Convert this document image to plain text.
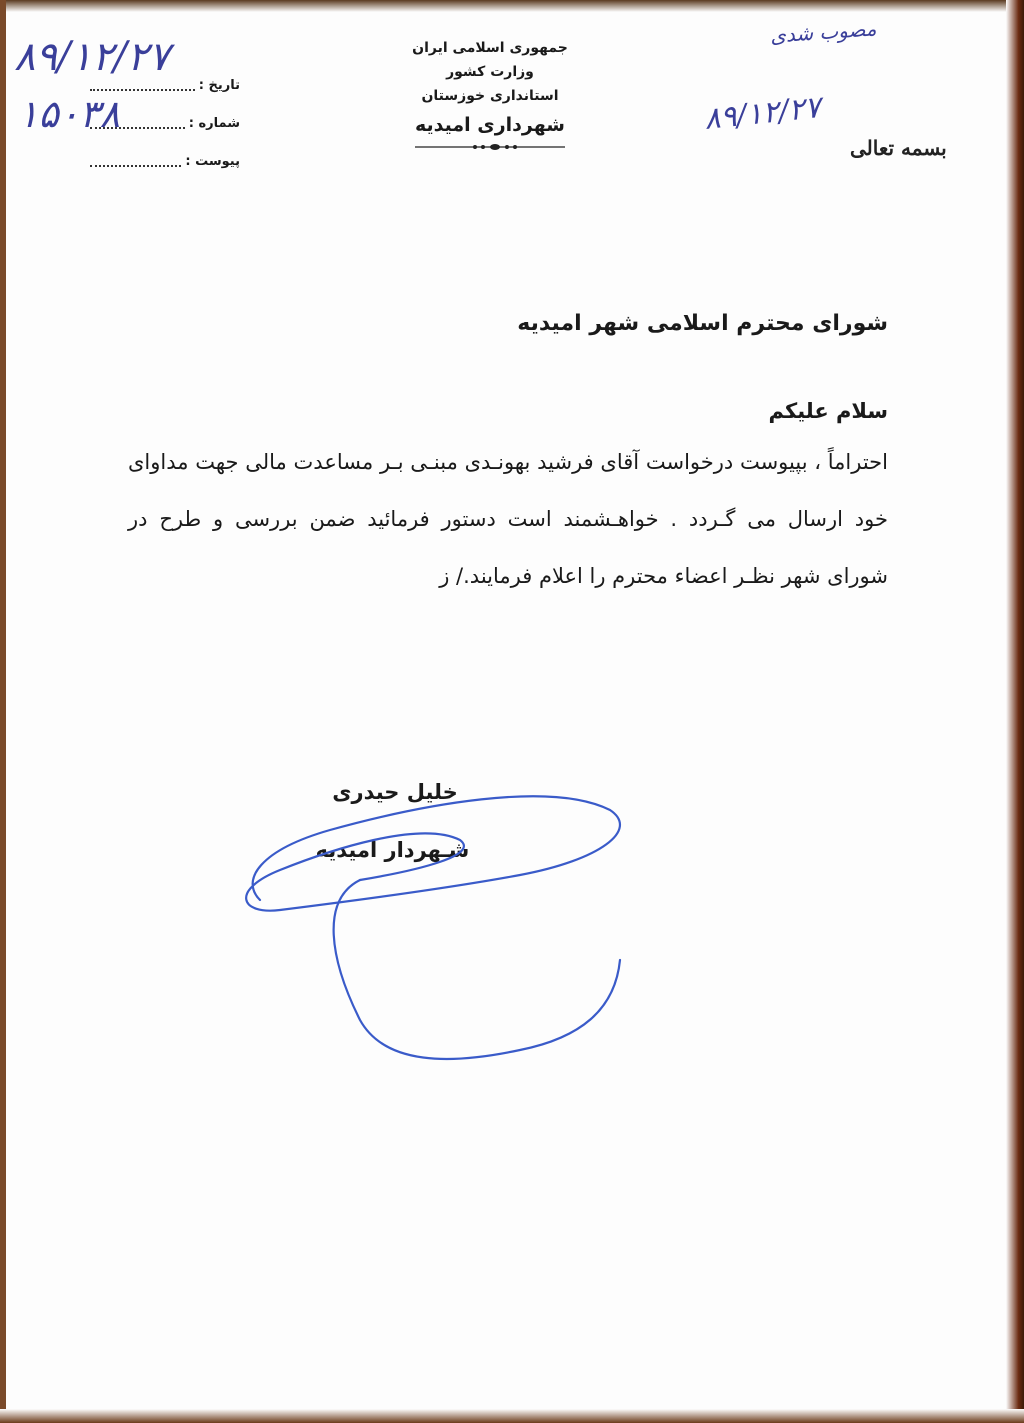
جمهوری اسلامی ایران

وزارت کشور

استانداری خوزستان

شهرداری امیدیه

تاریخ :
شماره :
پیوست :
۸۹/۱۲/۲۷
۱۵۰۳۸	۸۹/۱۲/۲۷
مصوب شدی
بسمه تعالی

شورای محترم اسلامی شهر امیدیه

سلام علیکم

احتراماً ، بپیوست درخواست آقای فرشید بهونـدی مبنـی بـر مساعدت مالی جهت مداوای خود ارسال می گـردد . خواهـشمند است دستور فرمائید ضمن بررسی و طرح در شورای شهر نظـر اعضاء محترم را اعلام فرمایند./ ز

خلیل حیدری
شـهردار امیدیه
